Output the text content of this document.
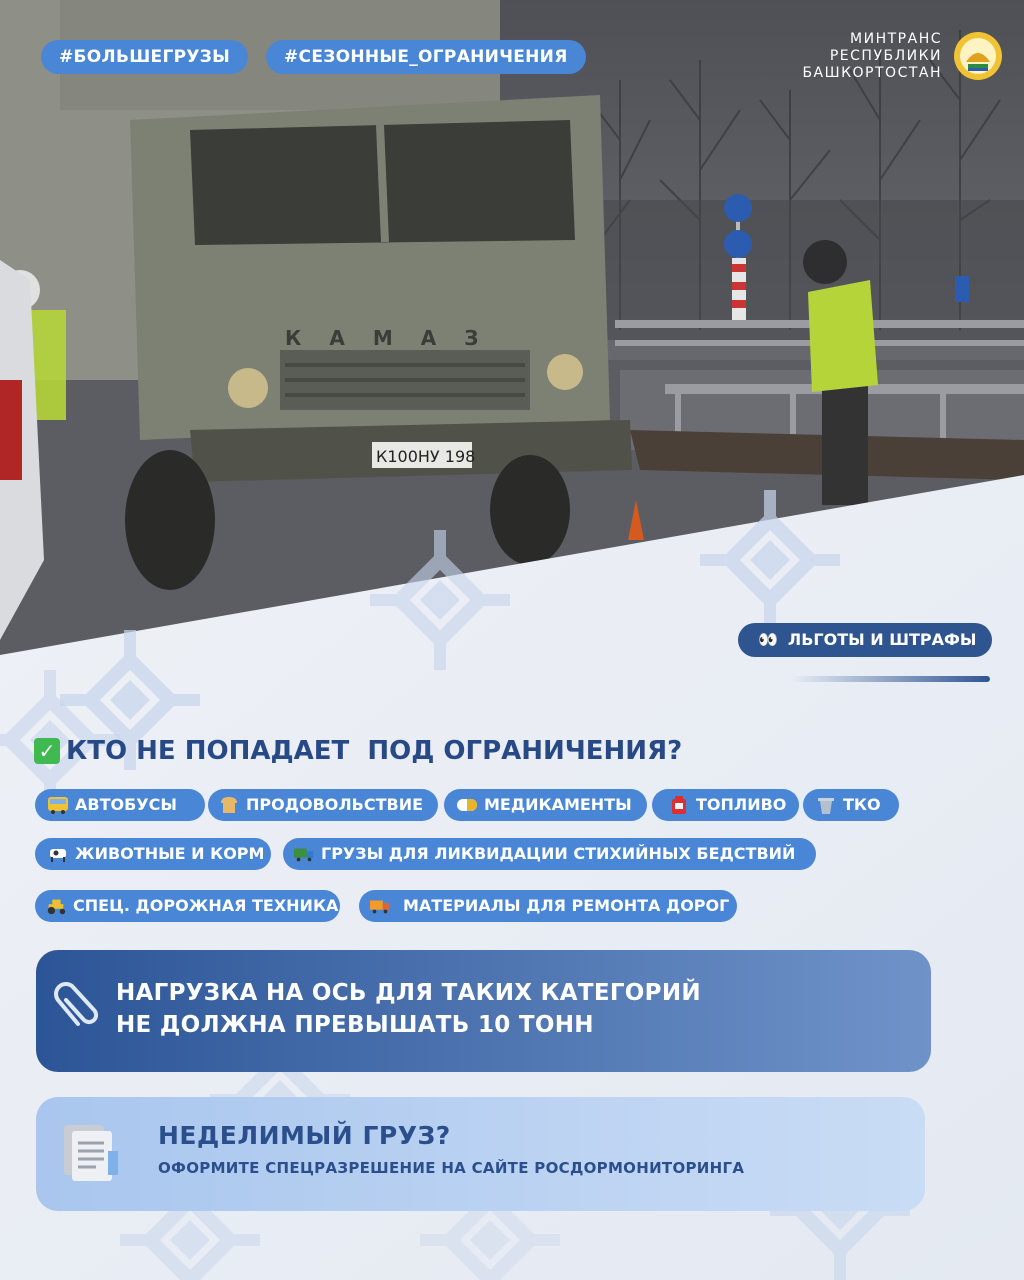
КАМАЗ
К100НУ 198
#БОЛЬШЕГРУЗЫ	#СЕЗОННЫЕ_ОГРАНИЧЕНИЯ
МИНТРАНС
РЕСПУБЛИКИ
БАШКОРТОСТАН
👀 ЛЬГОТЫ И ШТРАФЫ
✓ КТО НЕ ПОПАДАЕТ  ПОД ОГРАНИЧЕНИЯ?
АВТОБУСЫ	ПРОДОВОЛЬСТВИЕ	МЕДИКАМЕНТЫ	ТОПЛИВО	ТКО
ЖИВОТНЫЕ И КОРМ	ГРУЗЫ ДЛЯ ЛИКВИДАЦИИ СТИХИЙНЫХ БЕДСТВИЙ
СПЕЦ. ДОРОЖНАЯ ТЕХНИКА	МАТЕРИАЛЫ ДЛЯ РЕМОНТА ДОРОГ
НАГРУЗКА НА ОСЬ ДЛЯ ТАКИХ КАТЕГОРИЙ
НЕ ДОЛЖНА ПРЕВЫШАТЬ 10 ТОНН
НЕДЕЛИМЫЙ ГРУЗ?
ОФОРМИТЕ СПЕЦРАЗРЕШЕНИЕ НА САЙТЕ РОСДОРМОНИТОРИНГА
